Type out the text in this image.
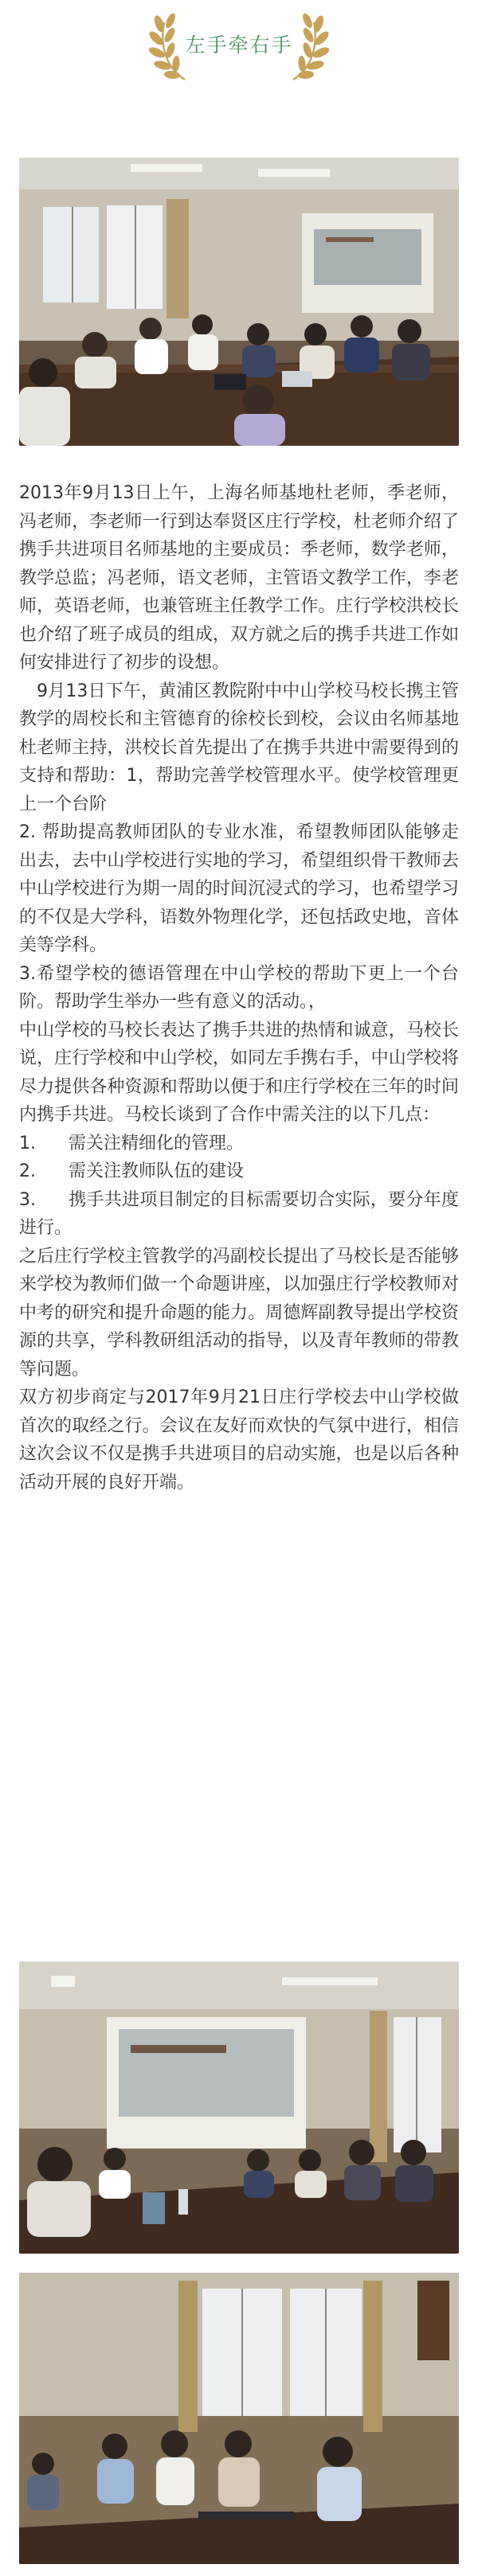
左手牵右手

2013年9月13日上午，上海名师基地杜老师，季老师，冯老师，李老师一行到达奉贤区庄行学校，杜老师介绍了携手共进项目名师基地的主要成员：季老师，数学老师，教学总监；冯老师，语文老师，主管语文教学工作，李老师，英语老师，也兼管班主任教学工作。庄行学校洪校长也介绍了班子成员的组成，双方就之后的携手共进工作如何安排进行了初步的设想。

9月13日下午，黄浦区教院附中中山学校马校长携主管教学的周校长和主管德育的徐校长到校，会议由名师基地杜老师主持，洪校长首先提出了在携手共进中需要得到的支持和帮助：1，帮助完善学校管理水平。使学校管理更上一个台阶

2. 帮助提高教师团队的专业水准，希望教师团队能够走出去，去中山学校进行实地的学习，希望组织骨干教师去中山学校进行为期一周的时间沉浸式的学习，也希望学习的不仅是大学科，语数外物理化学，还包括政史地，音体美等学科。

3.希望学校的德语管理在中山学校的帮助下更上一个台阶。帮助学生举办一些有意义的活动。，

中山学校的马校长表达了携手共进的热情和诚意，马校长说，庄行学校和中山学校，如同左手携右手，中山学校将尽力提供各种资源和帮助以便于和庄行学校在三年的时间内携手共进。马校长谈到了合作中需关注的以下几点：

1. 需关注精细化的管理。

2. 需关注教师队伍的建设

3. 携手共进项目制定的目标需要切合实际，要分年度进行。

之后庄行学校主管教学的冯副校长提出了马校长是否能够来学校为教师们做一个命题讲座，以加强庄行学校教师对中考的研究和提升命题的能力。周德辉副教导提出学校资源的共享，学科教研组活动的指导，以及青年教师的带教等问题。

双方初步商定与2017年9月21日庄行学校去中山学校做首次的取经之行。会议在友好而欢快的气氛中进行，相信这次会议不仅是携手共进项目的启动实施，也是以后各种活动开展的良好开端。
